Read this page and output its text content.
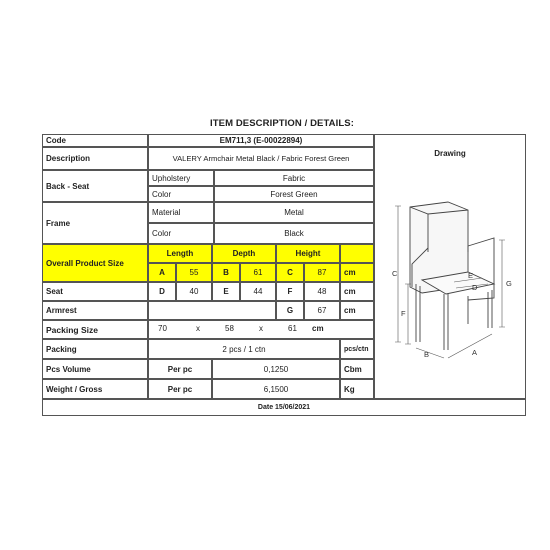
ITEM DESCRIPTION / DETAILS:
Code	EM711,3 (E-00022894)
Description	VALERY Armchair Metal Black / Fabric Forest Green
Drawing
Back - Seat
Upholstery	Fabric
Color	Forest Green
Frame
Material	Metal
Color	Black
Overall Product Size
Length	Depth	Height
A	55	B	61	C	87	cm
Seat	D	40	E	44	F	48	cm
Armrest	G	67	cm
Packing Size	70	x	58	x	61 cm
Packing	2 pcs / 1 ctn	pcs/ctn
Pcs Volume	Per pc	0,1250	Cbm
Weight / Gross	Per pc	6,1500	Kg
Date 15/06/2021
C
G
F
E
D
B	A
